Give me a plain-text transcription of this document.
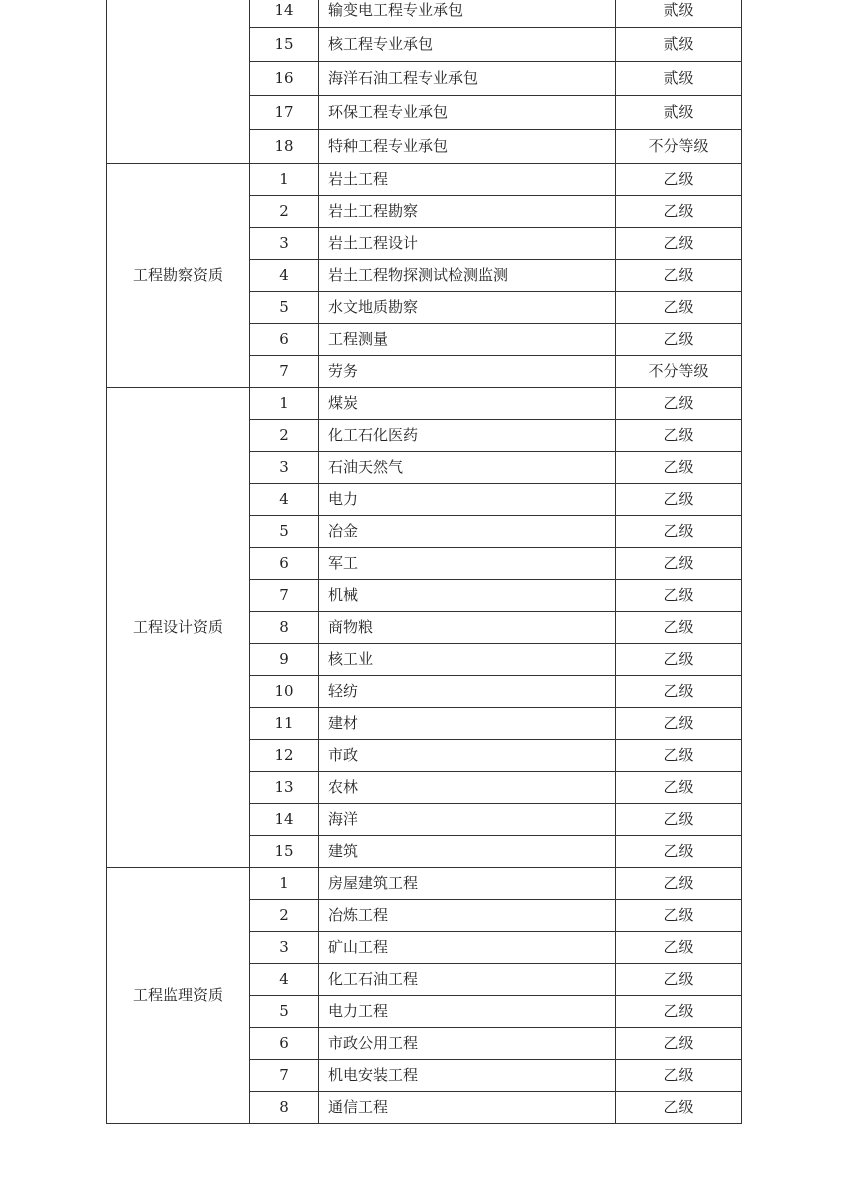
	14	输变电工程专业承包	贰级
	15	核工程专业承包	贰级
	16	海洋石油工程专业承包	贰级
	17	环保工程专业承包	贰级
	18	特种工程专业承包	不分等级
工程勘察资质	1	岩土工程	乙级
	2	岩土工程勘察	乙级
	3	岩土工程设计	乙级
	4	岩土工程物探测试检测监测	乙级
	5	水文地质勘察	乙级
	6	工程测量	乙级
	7	劳务	不分等级
工程设计资质	1	煤炭	乙级
	2	化工石化医药	乙级
	3	石油天然气	乙级
	4	电力	乙级
	5	冶金	乙级
	6	军工	乙级
	7	机械	乙级
	8	商物粮	乙级
	9	核工业	乙级
	10	轻纺	乙级
	11	建材	乙级
	12	市政	乙级
	13	农林	乙级
	14	海洋	乙级
	15	建筑	乙级
工程监理资质	1	房屋建筑工程	乙级
	2	冶炼工程	乙级
	3	矿山工程	乙级
	4	化工石油工程	乙级
	5	电力工程	乙级
	6	市政公用工程	乙级
	7	机电安装工程	乙级
	8	通信工程	乙级
